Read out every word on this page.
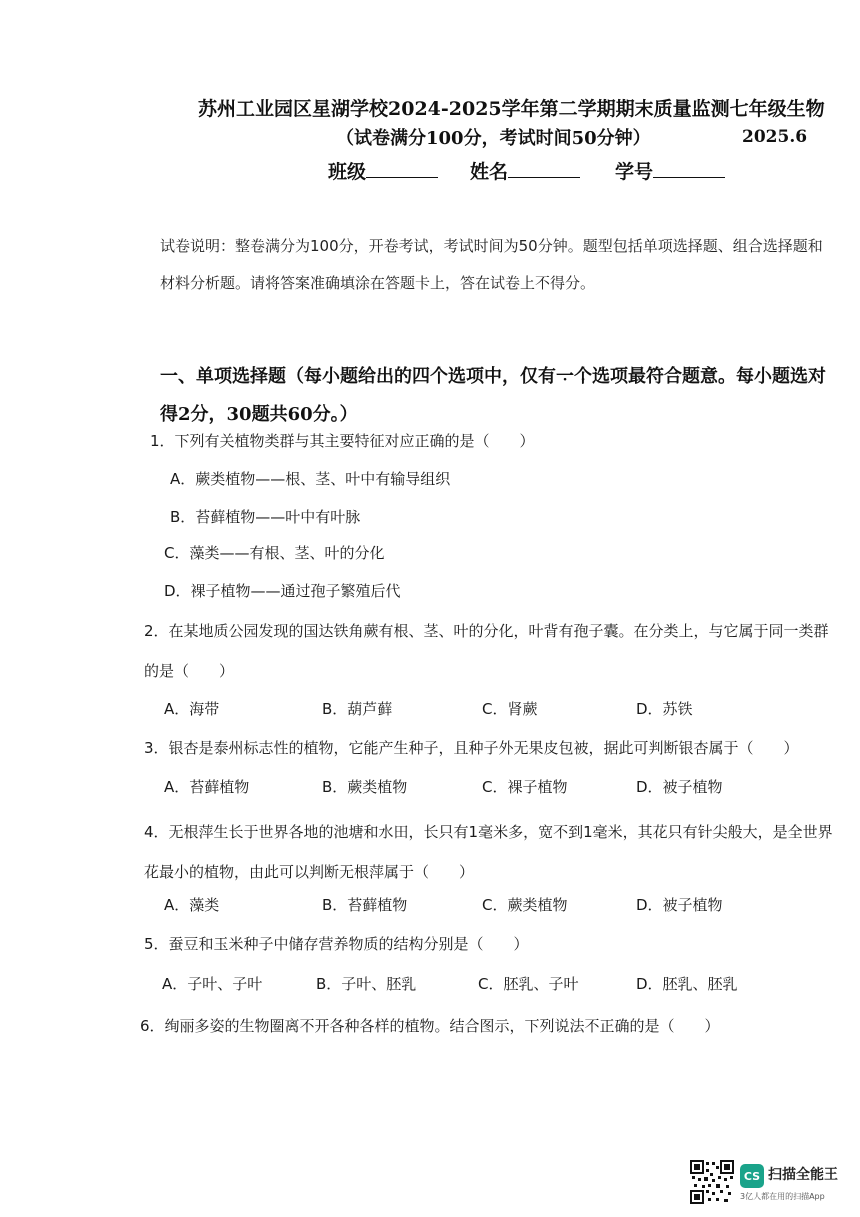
苏州工业园区星湖学校2024-2025学年第二学期期末质量监测七年级生物
（试卷满分100分，考试时间50分钟）	2025.6
班级	姓名	学号
试卷说明：整卷满分为100分，开卷考试，考试时间为50分钟。题型包括单项选择题、组合选择题和材料分析题。请将答案准确填涂在答题卡上，答在试卷上不得分。
一、单项选择题（每小题给出的四个选项中，仅有 ·一 ·个 ·选项最符合题意。每小题选对得2分，30题共60分。）
1．下列有关植物类群与其主要特征对应正确的是（　　）
A．蕨类植物——根、茎、叶中有输导组织
B．苔藓植物——叶中有叶脉
C．藻类——有根、茎、叶的分化
D．裸子植物——通过孢子繁殖后代
2．在某地质公园发现的国达铁角蕨有根、茎、叶的分化，叶背有孢子囊。在分类上，与它属于同一类群的是（　　）
A．海带	B．葫芦藓	C．肾蕨	D．苏铁
3．银杏是泰州标志性的植物，它能产生种子，且种子外无果皮包被，据此可判断银杏属于（　　）
A．苔藓植物	B．蕨类植物	C．裸子植物	D．被子植物
4．无根萍生长于世界各地的池塘和水田，长只有1毫米多，宽不到1毫米，其花只有针尖般大，是全世界花最小的植物，由此可以判断无根萍属于（　　）
A．藻类	B．苔藓植物	C．蕨类植物	D．被子植物
5．蚕豆和玉米种子中储存营养物质的结构分别是（　　）
A．子叶、子叶	B．子叶、胚乳	C．胚乳、子叶	D．胚乳、胚乳
6．绚丽多姿的生物圈离不开各种各样的植物。结合图示，下列说法不正确的是（　　）
CS 扫描全能王
3亿人都在用的扫描App
